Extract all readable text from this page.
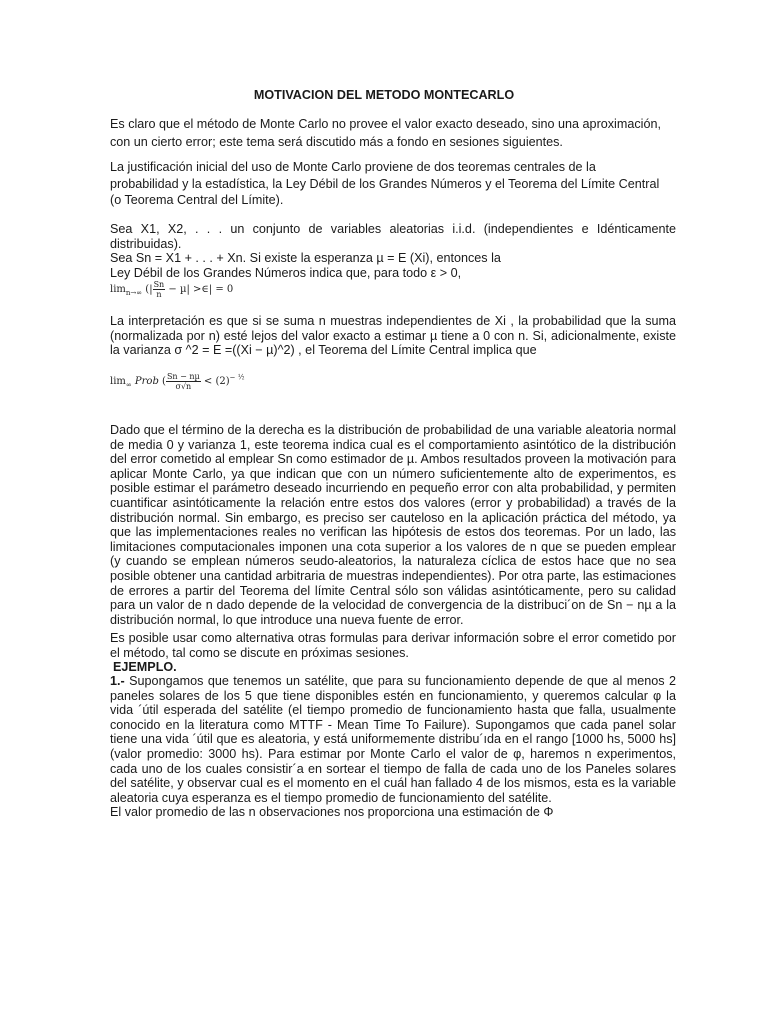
MOTIVACION DEL METODO MONTECARLO
Es claro que el método de Monte Carlo no provee el valor exacto deseado, sino una aproximación,
con un cierto error; este tema será discutido más a fondo en sesiones siguientes.
La justificación inicial del uso de Monte Carlo proviene de dos teoremas centrales de la
probabilidad y la estadística, la Ley Débil de los Grandes Números y el Teorema del Límite Central
(o Teorema Central del Límite).
Sea X1, X2, . . . un conjunto de variables aleatorias i.i.d. (independientes e Idénticamente distribuidas).
Sea Sn = X1 + . . . + Xn. Si existe la esperanza µ = E (Xi), entonces la
Ley Débil de los Grandes Números indica que, para todo ε > 0,
$\lim_{n\to\infty}$ (| $\frac{Sn}{n} - \mu|$ >∈| = 0
La interpretación es que si se suma n muestras independientes de Xi , la probabilidad que la suma (normalizada por n) esté lejos del valor exacto a estimar µ tiene a 0 con n. Si, adicionalmente, existe la varianza σ ^2 = E =((Xi − µ)^2) , el Teorema del Límite Central implica que
$\lim_\infty$ Prob ( $\frac{\text{Sn − nµ}}{\sigma√n} < (2)^{- \frac{1}{2}}$
Dado que el término de la derecha es la distribución de probabilidad de una variable aleatoria normal de media 0 y varianza 1, este teorema indica cual es el comportamiento asintótico de la distribución del error cometido al emplear Sn como estimador de µ. Ambos resultados proveen la motivación para aplicar Monte Carlo, ya que indican que con un número suficientemente alto de experimentos, es posible estimar el parámetro deseado incurriendo en pequeño error con alta probabilidad, y permiten cuantificar asintóticamente la relación entre estos dos valores (error y probabilidad) a través de la distribución normal. Sin embargo, es preciso ser cauteloso en la aplicación práctica del método, ya que las implementaciones reales no verifican las hipótesis de estos dos teoremas. Por un lado, las limitaciones computacionales imponen una cota superior a los valores de n que se pueden emplear (y cuando se emplean números seudo-aleatorios, la naturaleza cíclica de estos hace que no sea posible obtener una cantidad arbitraria de muestras independientes). Por otra parte, las estimaciones de errores a partir del Teorema del límite Central sólo son válidas asintóticamente, pero su calidad para un valor de n dado depende de la velocidad de convergencia de la distribuci´on de Sn − nµ a la distribución normal, lo que introduce una nueva fuente de error.
Es posible usar como alternativa otras formulas para derivar información sobre el error cometido por el método, tal como se discute en próximas sesiones.
EJEMPLO.
1.- Supongamos que tenemos un satélite, que para su funcionamiento depende de que al menos 2 paneles solares de los 5 que tiene disponibles estén en funcionamiento, y queremos calcular φ la vida ´útil esperada del satélite (el tiempo promedio de funcionamiento hasta que falla, usualmente conocido en la literatura como MTTF - Mean Time To Failure). Supongamos que cada panel solar tiene una vida ´útil que es aleatoria, y está uniformemente distribu´ıda en el rango [1000 hs, 5000 hs] (valor promedio: 3000 hs). Para estimar por Monte Carlo el valor de φ, haremos n experimentos, cada uno de los cuales consistir´a en sortear el tiempo de falla de cada uno de los Paneles solares del satélite, y observar cual es el momento en el cuál han fallado 4 de los mismos, esta es la variable aleatoria cuya esperanza es el tiempo promedio de funcionamiento del satélite.
El valor promedio de las n observaciones nos proporciona una estimación de Φ
